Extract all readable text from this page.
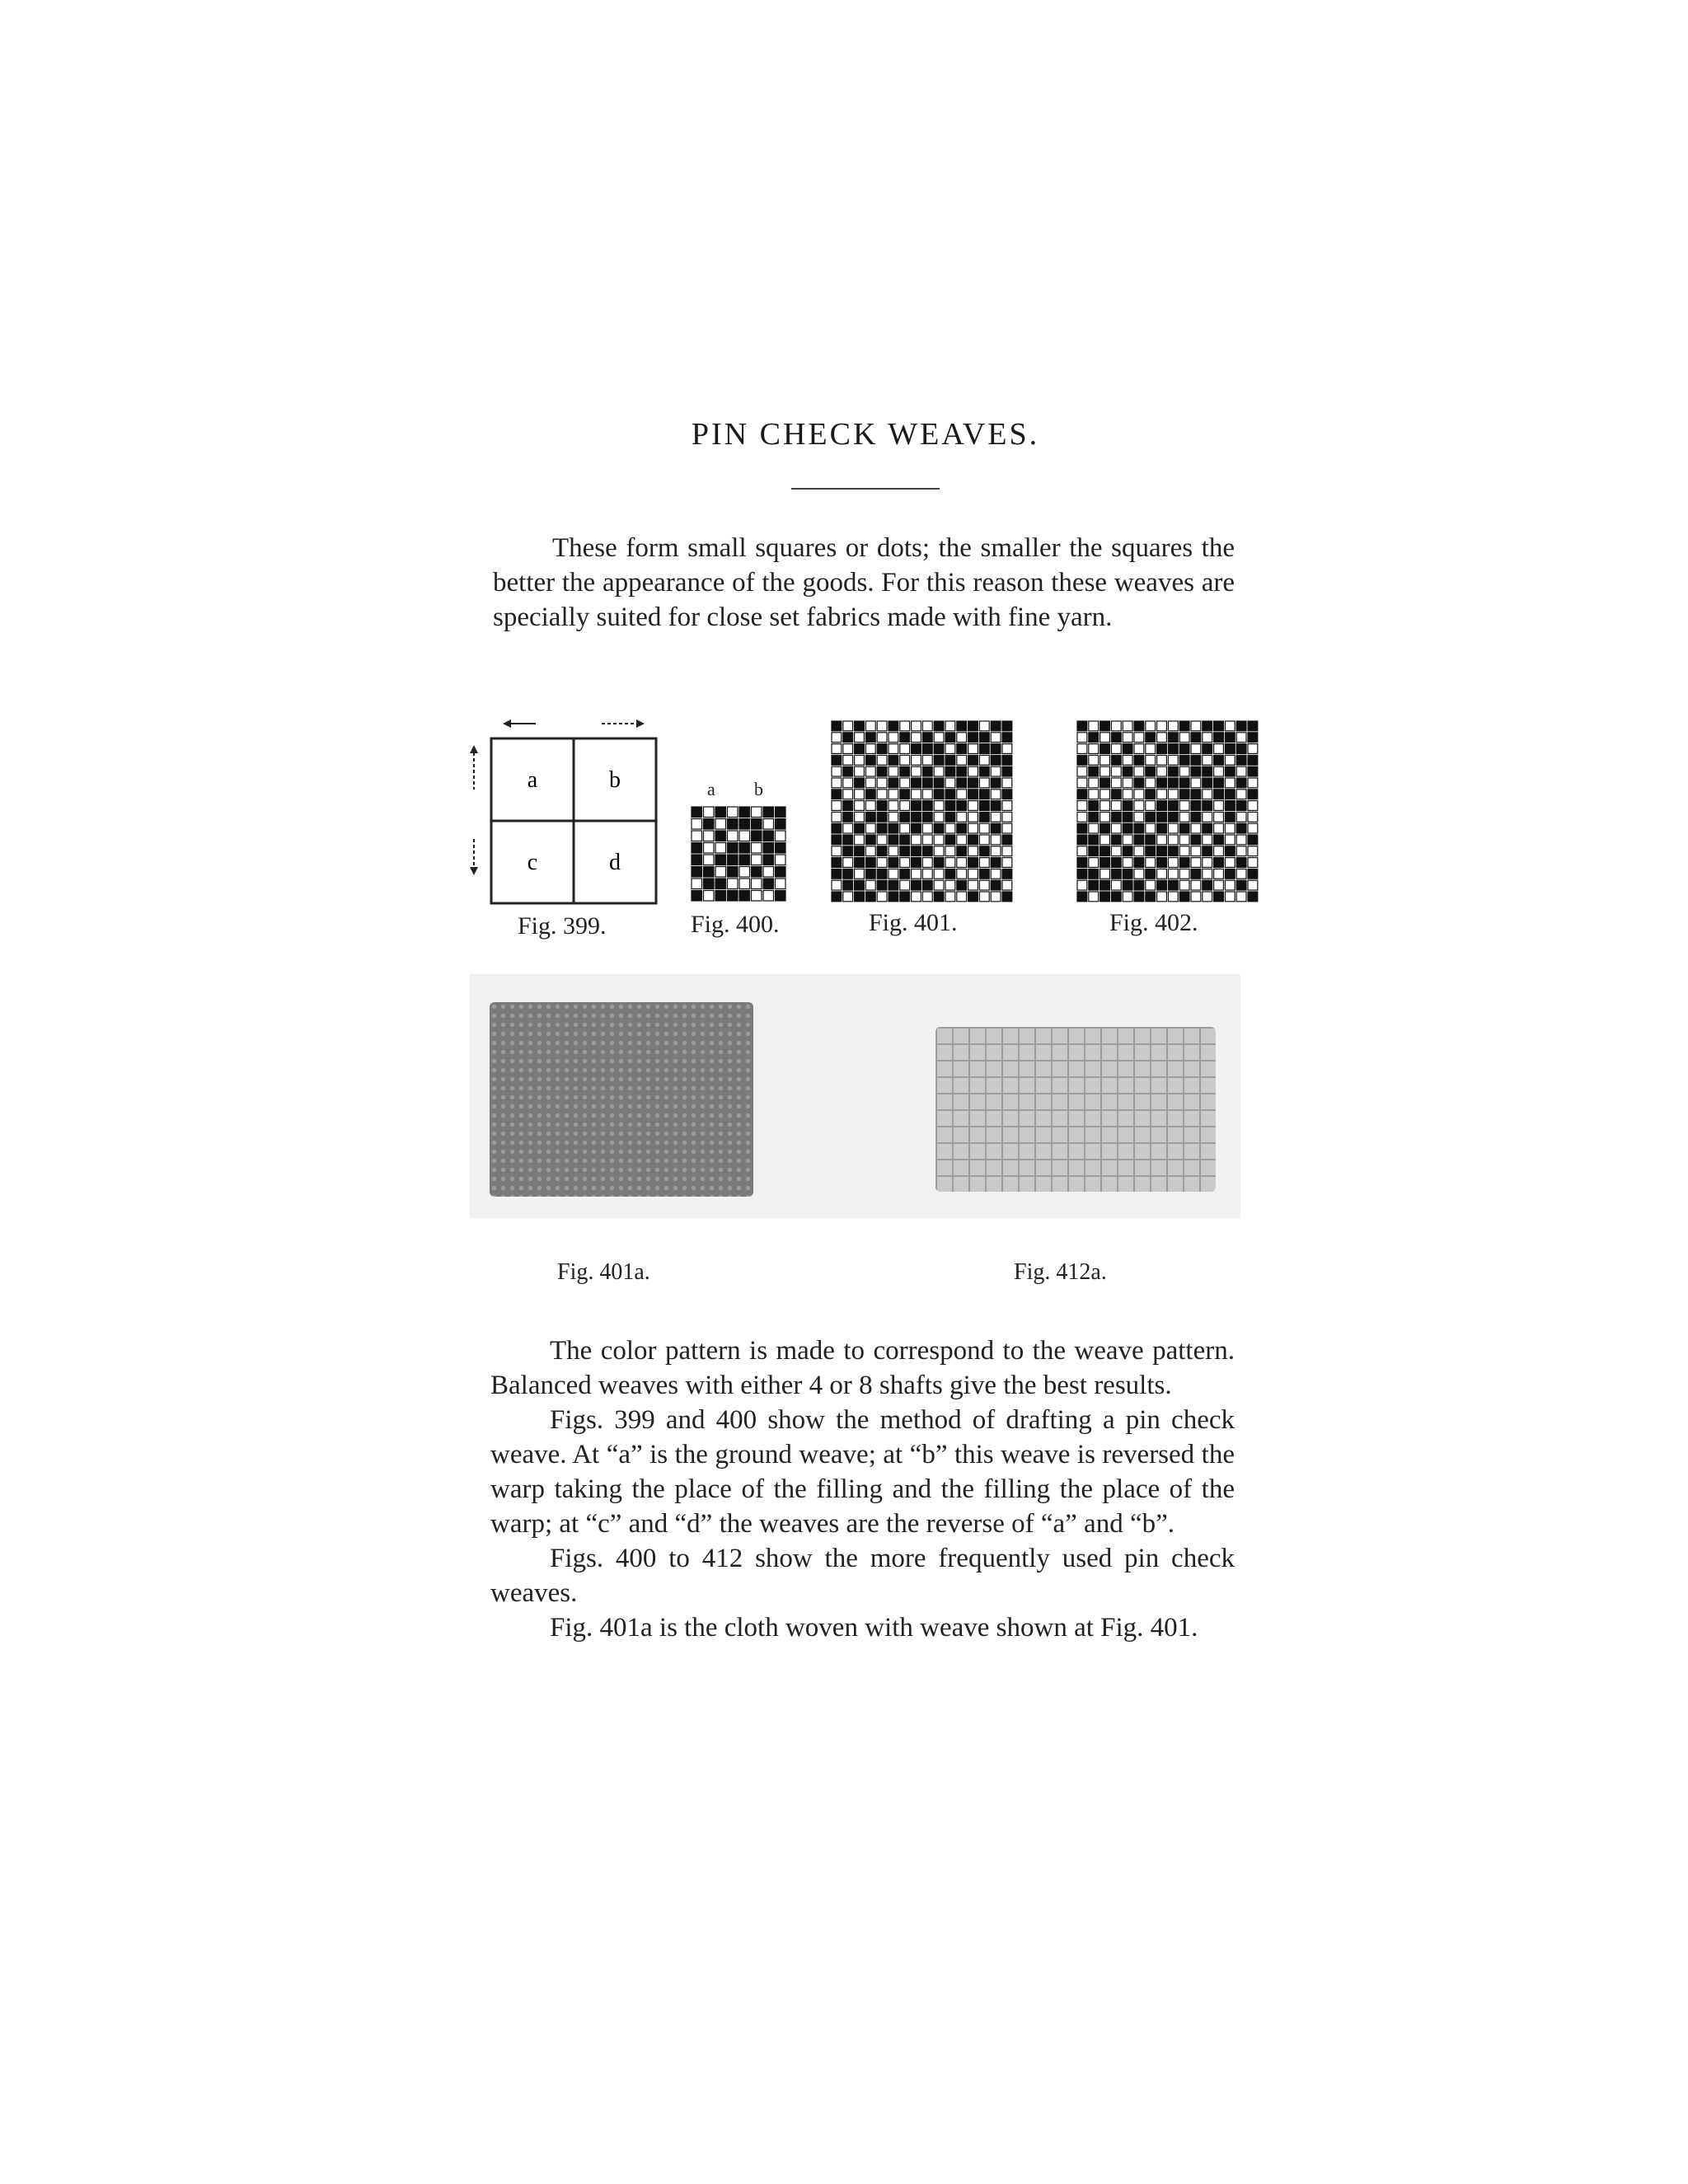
PIN CHECK WEAVES.
These form small squares or dots; the smaller the squares the better the appearance of the goods. For this reason these weaves are specially suited for close set fabrics made with fine yarn.
a	b
c	d
Fig. 399.
a b
Fig. 400.	Fig. 401.	Fig. 402.
Fig. 401a.	Fig. 412a.
The color pattern is made to correspond to the weave pattern. Balanced weaves with either 4 or 8 shafts give the best results.
Figs. 399 and 400 show the method of drafting a pin check weave. At “a” is the ground weave; at “b” this weave is reversed the warp taking the place of the filling and the filling the place of the warp; at “c” and “d” the weaves are the reverse of “a” and “b”.
Figs. 400 to 412 show the more frequently used pin check weaves.
Fig. 401a is the cloth woven with weave shown at Fig. 401.
